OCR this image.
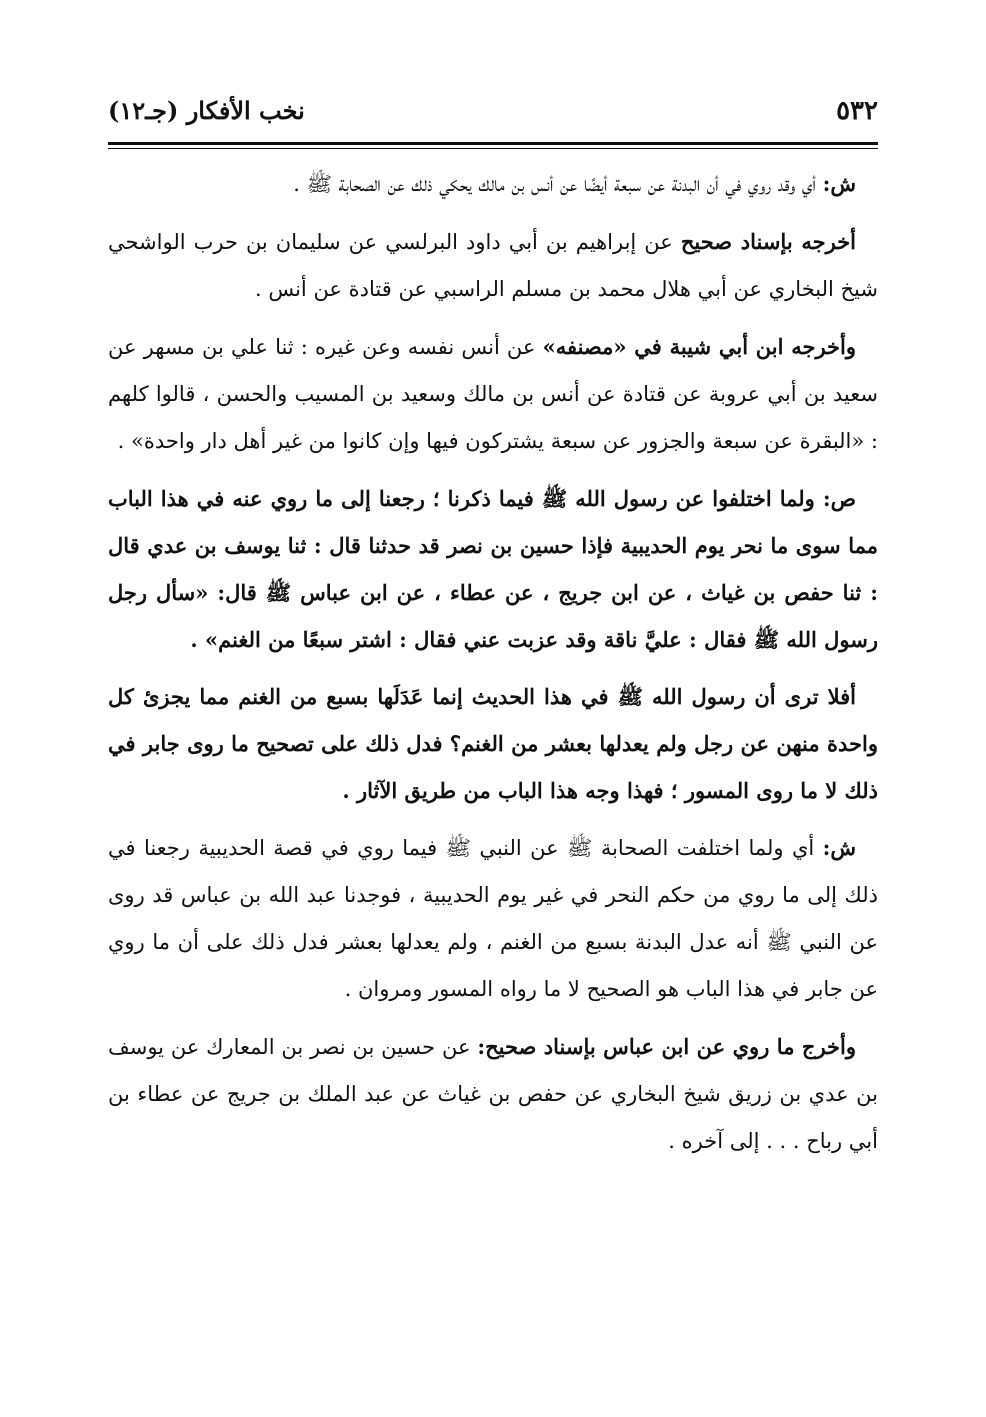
٥٣٢
نخب الأفكار (جـ١٢)

ش: أي وقد روي في أن البدنة عن سبعة أيضًا عن أنس بن مالك يحكي ذلك عن الصحابة ﷺ .

أخرجه بإسناد صحيح عن إبراهيم بن أبي داود البرلسي عن سليمان بن حرب الواشحي شيخ البخاري عن أبي هلال محمد بن مسلم الراسبي عن قتادة عن أنس .

وأخرجه ابن أبي شيبة في «مصنفه» عن أنس نفسه وعن غيره : ثنا علي بن مسهر عن سعيد بن أبي عروبة عن قتادة عن أنس بن مالك وسعيد بن المسيب والحسن ، قالوا كلهم : «البقرة عن سبعة والجزور عن سبعة يشتركون فيها وإن كانوا من غير أهل دار واحدة» .

ص: ولما اختلفوا عن رسول الله ﷺ فيما ذكرنا ؛ رجعنا إلى ما روي عنه في هذا الباب مما سوى ما نحر يوم الحديبية فإذا حسين بن نصر قد حدثنا قال : ثنا يوسف بن عدي قال : ثنا حفص بن غياث ، عن ابن جريج ، عن عطاء ، عن ابن عباس ﷺ قال: «سأل رجل رسول الله ﷺ فقال : عليَّ ناقة وقد عزبت عني فقال : اشتر سبعًا من الغنم» .

أفلا ترى أن رسول الله ﷺ في هذا الحديث إنما عَدَلَها بسبع من الغنم مما يجزئ كل واحدة منهن عن رجل ولم يعدلها بعشر من الغنم؟ فدل ذلك على تصحيح ما روى جابر في ذلك لا ما روى المسور ؛ فهذا وجه هذا الباب من طريق الآثار .

ش: أي ولما اختلفت الصحابة ﷺ عن النبي ﷺ فيما روي في قصة الحديبية رجعنا في ذلك إلى ما روي من حكم النحر في غير يوم الحديبية ، فوجدنا عبد الله بن عباس قد روى عن النبي ﷺ أنه عدل البدنة بسبع من الغنم ، ولم يعدلها بعشر فدل ذلك على أن ما روي عن جابر في هذا الباب هو الصحيح لا ما رواه المسور ومروان .

وأخرج ما روي عن ابن عباس بإسناد صحيح: عن حسين بن نصر بن المعارك عن يوسف بن عدي بن زريق شيخ البخاري عن حفص بن غياث عن عبد الملك بن جريج عن عطاء بن أبي رباح . . . إلى آخره .
